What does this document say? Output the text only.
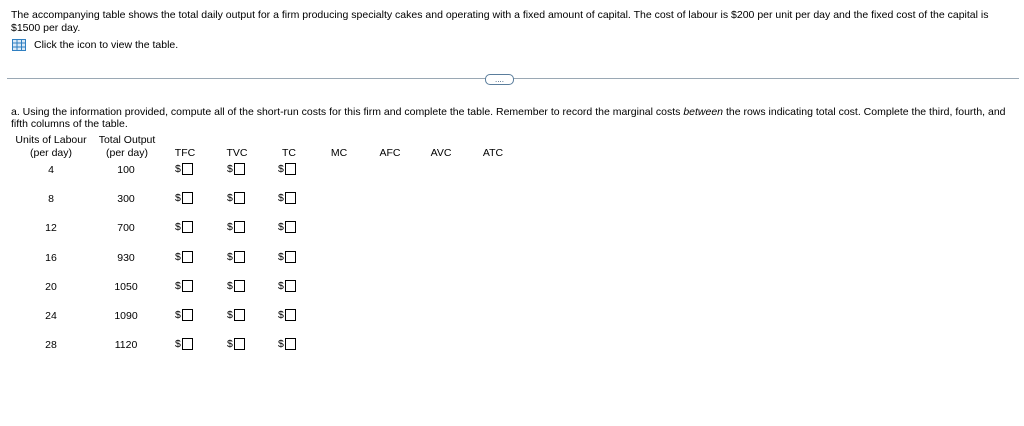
The accompanying table shows the total daily output for a firm producing specialty cakes and operating with a fixed amount of capital. The cost of labour is $200 per unit per day and the fixed cost of the capital is $1500 per day.
Click the icon to view the table.
....
a. Using the information provided, compute all of the short-run costs for this firm and complete the table. Remember to record the marginal costs between the rows indicating total cost. Complete the third, fourth, and fifth columns of the table.
Units of Labour
(per day)
Total Output
(per day)	TFC	TVC	TC	MC	AFC	AVC	ATC
4	100	$	$	$
8	300	$	$	$
12	700	$	$	$
16	930	$	$	$
20	1050	$	$	$
24	1090	$	$	$
28	1120	$	$	$
